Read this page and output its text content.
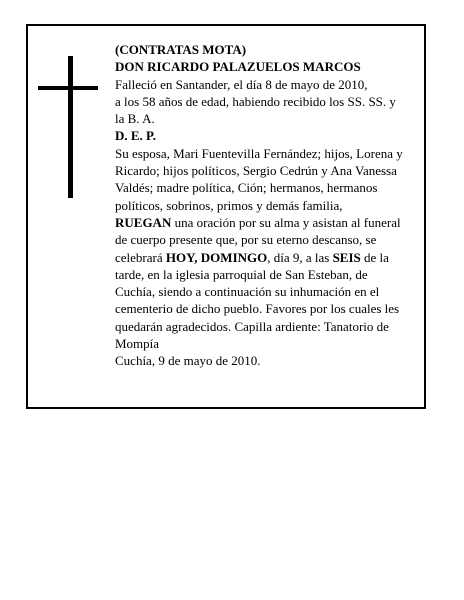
(CONTRATAS MOTA)
DON RICARDO PALAZUELOS MARCOS
Falleció en Santander, el día 8 de mayo de 2010,
a los 58 años de edad, habiendo recibido los SS. SS. y
la B. A.
D. E. P.
Su esposa, Mari Fuentevilla Fernández; hijos, Lorena y
Ricardo; hijos políticos, Sergio Cedrún y Ana Vanessa
Valdés; madre política, Ción; hermanos, hermanos
políticos, sobrinos, primos y demás familia,
RUEGAN una oración por su alma y asistan al funeral
de cuerpo presente que, por su eterno descanso, se
celebrará HOY, DOMINGO, día 9, a las SEIS de la
tarde, en la iglesia parroquial de San Esteban, de
Cuchía, siendo a continuación su inhumación en el
cementerio de dicho pueblo. Favores por los cuales les
quedarán agradecidos. Capilla ardiente: Tanatorio de
Mompía
Cuchía, 9 de mayo de 2010.
